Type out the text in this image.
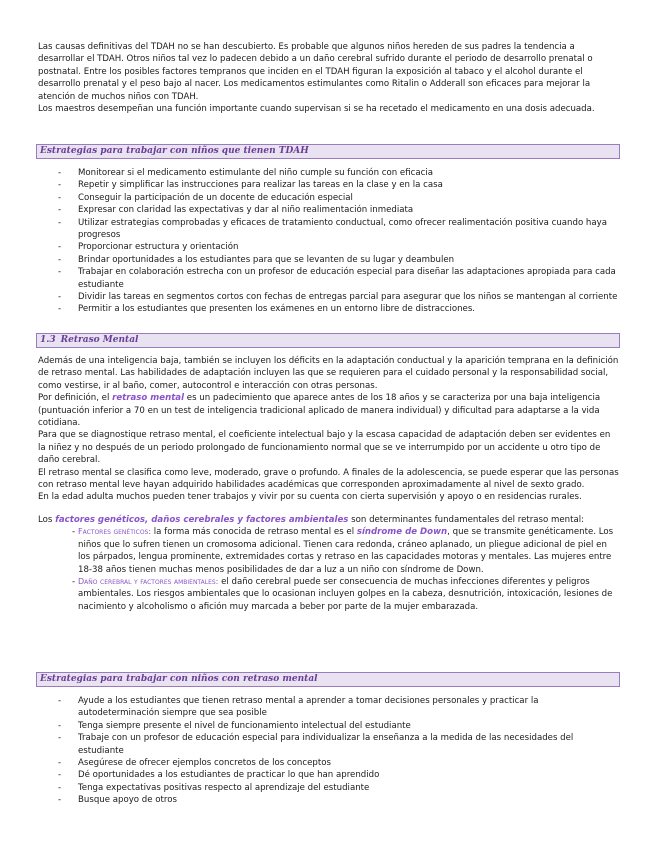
Las causas definitivas del TDAH no se han descubierto. Es probable que algunos niños hereden de sus padres la tendencia a desarrollar el TDAH. Otros niños tal vez lo padecen debido a un daño cerebral sufrido durante el periodo de desarrollo prenatal o postnatal. Entre los posibles factores tempranos que inciden en el TDAH figuran la exposición al tabaco y el alcohol durante el desarrollo prenatal y el peso bajo al nacer. Los medicamentos estimulantes como Ritalin o Adderall son eficaces para mejorar la atención de muchos niños con TDAH.

Los maestros desempeñan una función importante cuando supervisan si se ha recetado el medicamento en una dosis adecuada.

Estrategias para trabajar con niños que tienen TDAH
- Monitorear si el medicamento estimulante del niño cumple su función con eficacia
- Repetir y simplificar las instrucciones para realizar las tareas en la clase y en la casa
- Conseguir la participación de un docente de educación especial
- Expresar con claridad las expectativas y dar al niño realimentación inmediata
- Utilizar estrategias comprobadas y eficaces de tratamiento conductual, como ofrecer realimentación positiva cuando haya progresos
- Proporcionar estructura y orientación
- Brindar oportunidades a los estudiantes para que se levanten de su lugar y deambulen
- Trabajar en colaboración estrecha con un profesor de educación especial para diseñar las adaptaciones apropiada para cada estudiante
- Dividir las tareas en segmentos cortos con fechas de entregas parcial para asegurar que los niños se mantengan al corriente
- Permitir a los estudiantes que presenten los exámenes en un entorno libre de distracciones.
1.3 Retraso Mental

Además de una inteligencia baja, también se incluyen los déficits en la adaptación conductual y la aparición temprana en la definición de retraso mental. Las habilidades de adaptación incluyen las que se requieren para el cuidado personal y la responsabilidad social, como vestirse, ir al baño, comer, autocontrol e interacción con otras personas.

Por definición, el retraso mental es un padecimiento que aparece antes de los 18 años y se caracteriza por una baja inteligencia (puntuación inferior a 70 en un test de inteligencia tradicional aplicado de manera individual) y dificultad para adaptarse a la vida cotidiana.

Para que se diagnostique retraso mental, el coeficiente intelectual bajo y la escasa capacidad de adaptación deben ser evidentes en la niñez y no después de un periodo prolongado de funcionamiento normal que se ve interrumpido por un accidente u otro tipo de daño cerebral.

El retraso mental se clasifica como leve, moderado, grave o profundo. A finales de la adolescencia, se puede esperar que las personas con retraso mental leve hayan adquirido habilidades académicas que corresponden aproximadamente al nivel de sexto grado.

En la edad adulta muchos pueden tener trabajos y vivir por su cuenta con cierta supervisión y apoyo o en residencias rurales.

Los factores genéticos, daños cerebrales y factores ambientales son determinantes fundamentales del retraso mental:

- Factores genéticos: la forma más conocida de retraso mental es el síndrome de Down, que se transmite genéticamente. Los niños que lo sufren tienen un cromosoma adicional. Tienen cara redonda, cráneo aplanado, un pliegue adicional de piel en los párpados, lengua prominente, extremidades cortas y retraso en las capacidades motoras y mentales. Las mujeres entre 18-38 años tienen muchas menos posibilidades de dar a luz a un niño con síndrome de Down.
- Daño cerebral y factores ambientales: el daño cerebral puede ser consecuencia de muchas infecciones diferentes y peligros ambientales. Los riesgos ambientales que lo ocasionan incluyen golpes en la cabeza, desnutrición, intoxicación, lesiones de nacimiento y alcoholismo o afición muy marcada a beber por parte de la mujer embarazada.
Estrategias para trabajar con niños con retraso mental
- Ayude a los estudiantes que tienen retraso mental a aprender a tomar decisiones personales y practicar la autodeterminación siempre que sea posible
- Tenga siempre presente el nivel de funcionamiento intelectual del estudiante
- Trabaje con un profesor de educación especial para individualizar la enseñanza a la medida de las necesidades del estudiante
- Asegúrese de ofrecer ejemplos concretos de los conceptos
- Dé oportunidades a los estudiantes de practicar lo que han aprendido
- Tenga expectativas positivas respecto al aprendizaje del estudiante
- Busque apoyo de otros
